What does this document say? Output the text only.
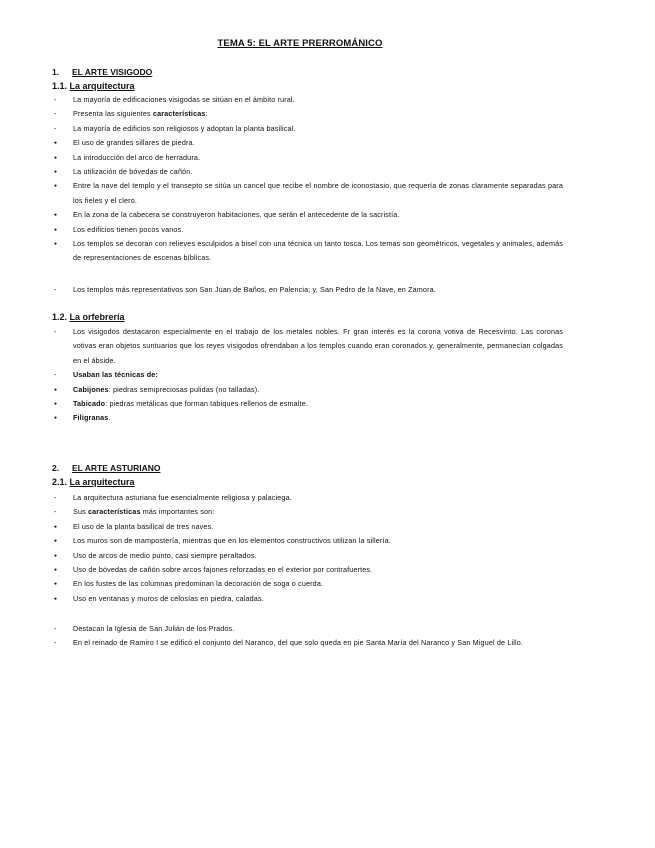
TEMA 5: EL ARTE PRERROMÁNICO
1. EL ARTE VISIGODO
1.1. La arquitectura
-
La mayoría de edificaciones visigodas se sitúan en el ámbito rural.
-
Presenta las siguientes características:
-
La mayoría de edificios son religiosos y adoptan la planta basilical.
●
El uso de grandes sillares de piedra.
●
La introducción del arco de herradura.
●
La utilización de bóvedas de cañón.
●
Entre la nave del templo y el transepto se sitúa un cancel que recibe el nombre de iconostasio, que requería de zonas claramente separadas para los fieles y el clero.
●
En la zona de la cabecera se construyeron habitaciones, que serán el antecedente de la sacristía.
●
Los edificios tienen pocos vanos.
●
Los templos se decoran con relieves esculpidos a bisel con una técnica un tanto tosca. Los temas son geométricos, vegetales y animales, además de representaciones de escenas bíblicas.
-
Los templos más representativos son San Juan de Baños, en Palencia; y, San Pedro de la Nave, en Zamora.
1.2. La orfebrería
-
Los visigodos destacaron especialmente en el trabajo de los metales nobles. Fr gran interés es la corona votiva de Recesvinto. Las coronas votivas eran objetos suntuarios que los reyes visigodos ofrendaban a los templos cuando eran coronados y, generalmente, permanecían colgadas en el ábside.
-
Usaban las técnicas de:
●
Cabijones: piedras semipreciosas pulidas (no talladas).
●
Tabicado: piedras metálicas que forman tabiques rellenos de esmalte.
●
Filigranas.
2. EL ARTE ASTURIANO
2.1. La arquitectura
-
La arquitectura asturiana fue esencialmente religiosa y palaciega.
-
Sus características más importantes son:
●
El uso de la planta basilical de tres naves.
●
Los muros son de mampostería, mientras que en los elementos constructivos utilizan la sillería.
●
Uso de arcos de medio punto, casi siempre peraltados.
●
Uso de bóvedas de cañón sobre arcos fajones reforzadas en el exterior por contrafuertes.
●
En los fustes de las columnas predominan la decoración de soga o cuerda.
●
Uso en ventanas y muros de celosías en piedra, caladas.
-
Destacan la Iglesia de San Julián de los Prados.
-
En el reinado de Ramiro I se edificó el conjunto del Naranco, del que solo queda en pie Santa María del Naranco y San Miguel de Lillo.
